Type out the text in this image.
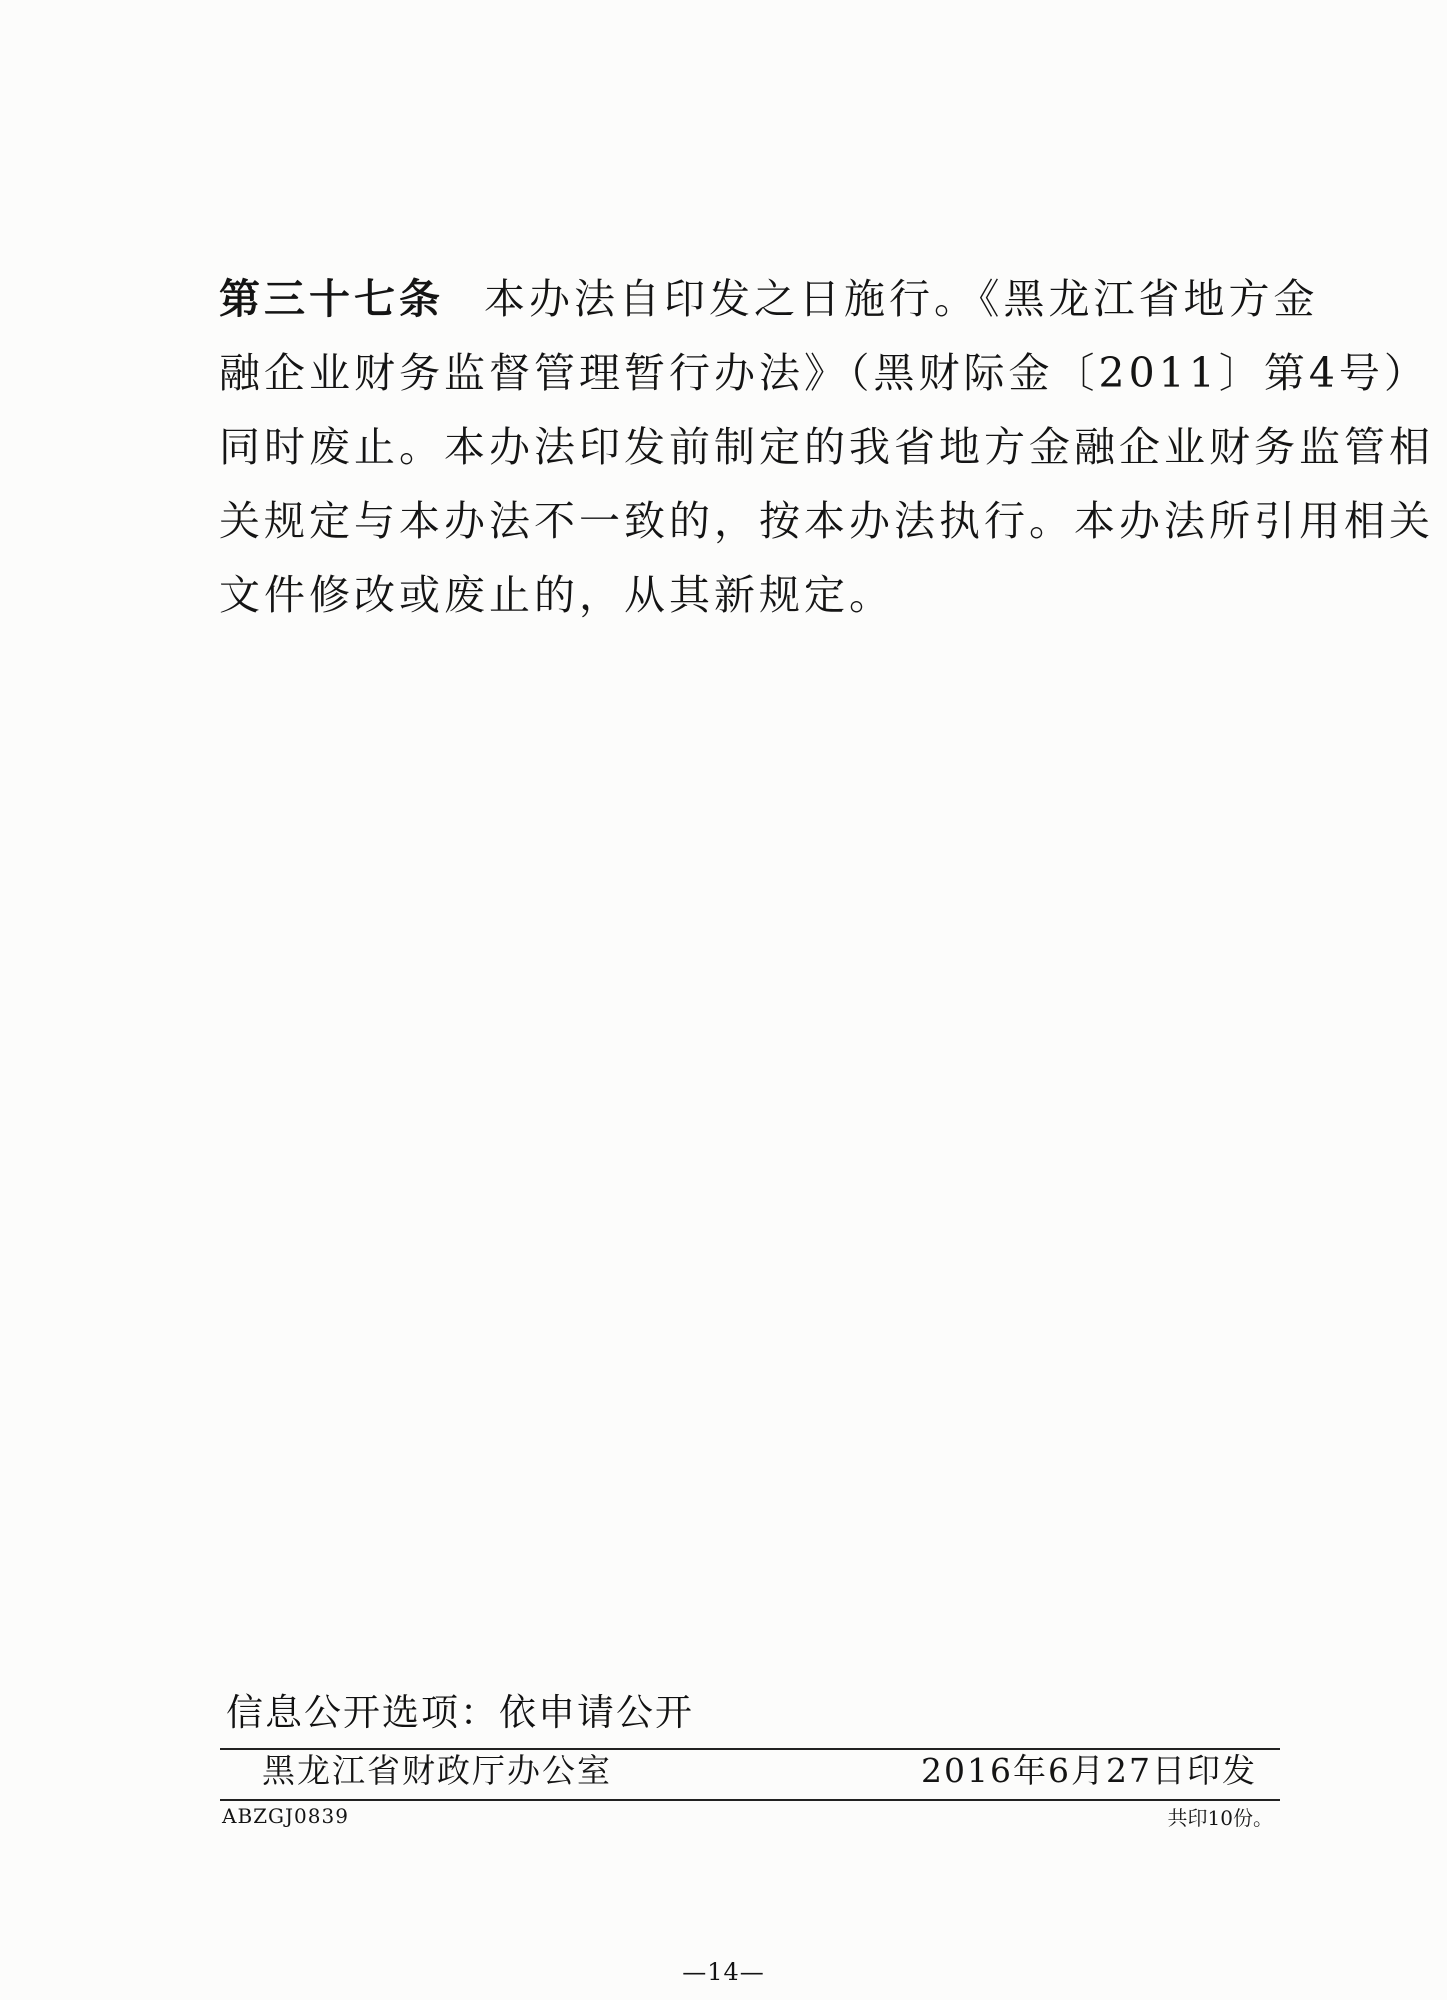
第三十七条 本办法自印发之日施行。《黑龙江省地方金
融企业财务监督管理暂行办法》（黑财际金〔2011〕第4号）
同时废止。本办法印发前制定的我省地方金融企业财务监管相
关规定与本办法不一致的，按本办法执行。本办法所引用相关
文件修改或废止的，从其新规定。

信息公开选项：依申请公开
黑龙江省财政厅办公室	2016年6月27日印发
ABZGJ0839	共印10份。
—14—
